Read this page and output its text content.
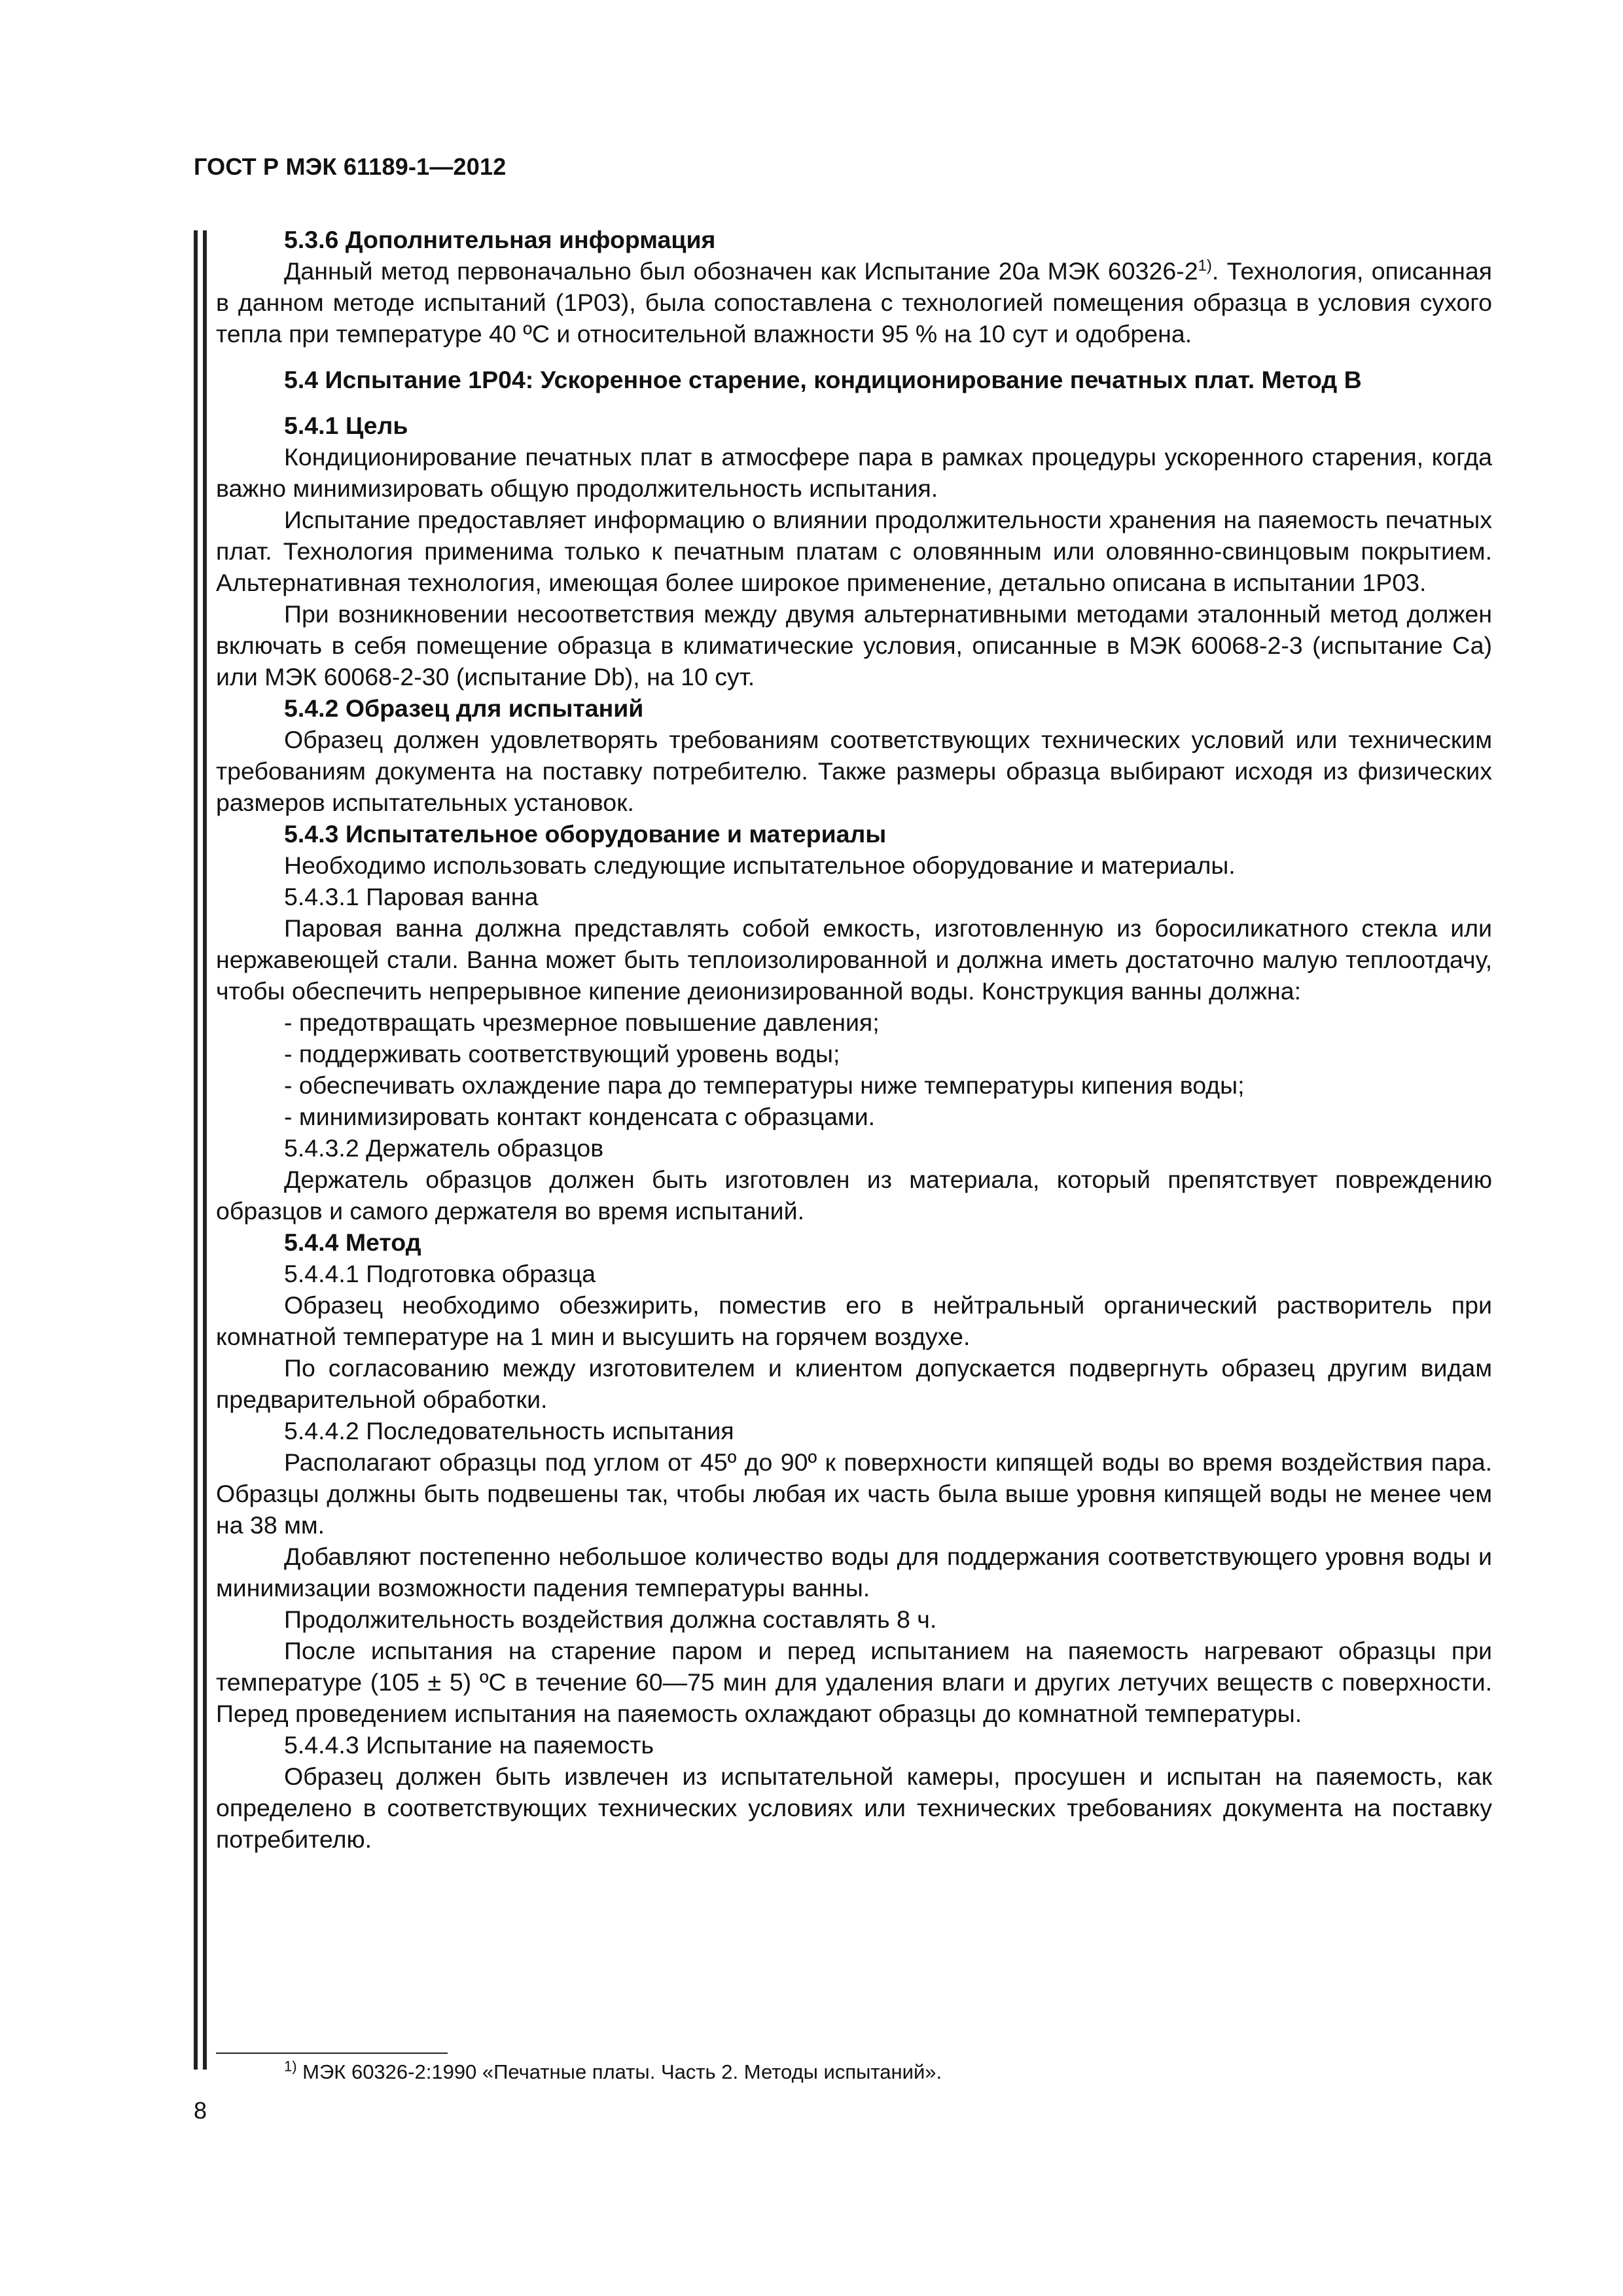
ГОСТ Р МЭК 61189-1—2012

5.3.6 Дополнительная информация

Данный метод первоначально был обозначен как Испытание 20а МЭК 60326-2$^{1)}$. Технология, описанная в данном методе испытаний (1Р03), была сопоставлена с технологией помещения образца в условия сухого тепла при температуре 40 ºС и относительной влажности 95 % на 10 сут и одобрена.

5.4 Испытание 1Р04: Ускоренное старение, кондиционирование печатных плат. Метод В

5.4.1 Цель

Кондиционирование печатных плат в атмосфере пара в рамках процедуры ускоренного старения, когда важно минимизировать общую продолжительность испытания.

Испытание предоставляет информацию о влиянии продолжительности хранения на паяемость печатных плат. Технология применима только к печатным платам с оловянным или оловянно-свинцовым покрытием. Альтернативная технология, имеющая более широкое применение, детально описана в испытании 1Р03.

При возникновении несоответствия между двумя альтернативными методами эталонный метод должен включать в себя помещение образца в климатические условия, описанные в МЭК 60068-2-3 (испытание Са) или МЭК 60068-2-30 (испытание Db), на 10 сут.

5.4.2 Образец для испытаний

Образец должен удовлетворять требованиям соответствующих технических условий или техническим требованиям документа на поставку потребителю. Также размеры образца выбирают исходя из физических размеров испытательных установок.

5.4.3 Испытательное оборудование и материалы

Необходимо использовать следующие испытательное оборудование и материалы.

5.4.3.1 Паровая ванна

Паровая ванна должна представлять собой емкость, изготовленную из боросиликатного стекла или нержавеющей стали. Ванна может быть теплоизолированной и должна иметь достаточно малую теплоотдачу, чтобы обеспечить непрерывное кипение деионизированной воды. Конструкция ванны должна:

- предотвращать чрезмерное повышение давления;

- поддерживать соответствующий уровень воды;

- обеспечивать охлаждение пара до температуры ниже температуры кипения воды;

- минимизировать контакт конденсата с образцами.

5.4.3.2 Держатель образцов

Держатель образцов должен быть изготовлен из материала, который препятствует повреждению образцов и самого держателя во время испытаний.

5.4.4 Метод

5.4.4.1 Подготовка образца

Образец необходимо обезжирить, поместив его в нейтральный органический растворитель при комнатной температуре на 1 мин и высушить на горячем воздухе.

По согласованию между изготовителем и клиентом допускается подвергнуть образец другим видам предварительной обработки.

5.4.4.2 Последовательность испытания

Располагают образцы под углом от 45º до 90º к поверхности кипящей воды во время воздействия пара. Образцы должны быть подвешены так, чтобы любая их часть была выше уровня кипящей воды не менее чем на 38 мм.

Добавляют постепенно небольшое количество воды для поддержания соответствующего уровня воды и минимизации возможности падения температуры ванны.

Продолжительность воздействия должна составлять 8 ч.

После испытания на старение паром и перед испытанием на паяемость нагревают образцы при температуре (105 ± 5) ºС в течение 60—75 мин для удаления влаги и других летучих веществ с поверхности. Перед проведением испытания на паяемость охлаждают образцы до комнатной температуры.

5.4.4.3 Испытание на паяемость

Образец должен быть извлечен из испытательной камеры, просушен и испытан на паяемость, как определено в соответствующих технических условиях или технических требованиях документа на поставку потребителю.

$^{1)}$ МЭК 60326-2:1990 «Печатные платы. Часть 2. Методы испытаний».
8
